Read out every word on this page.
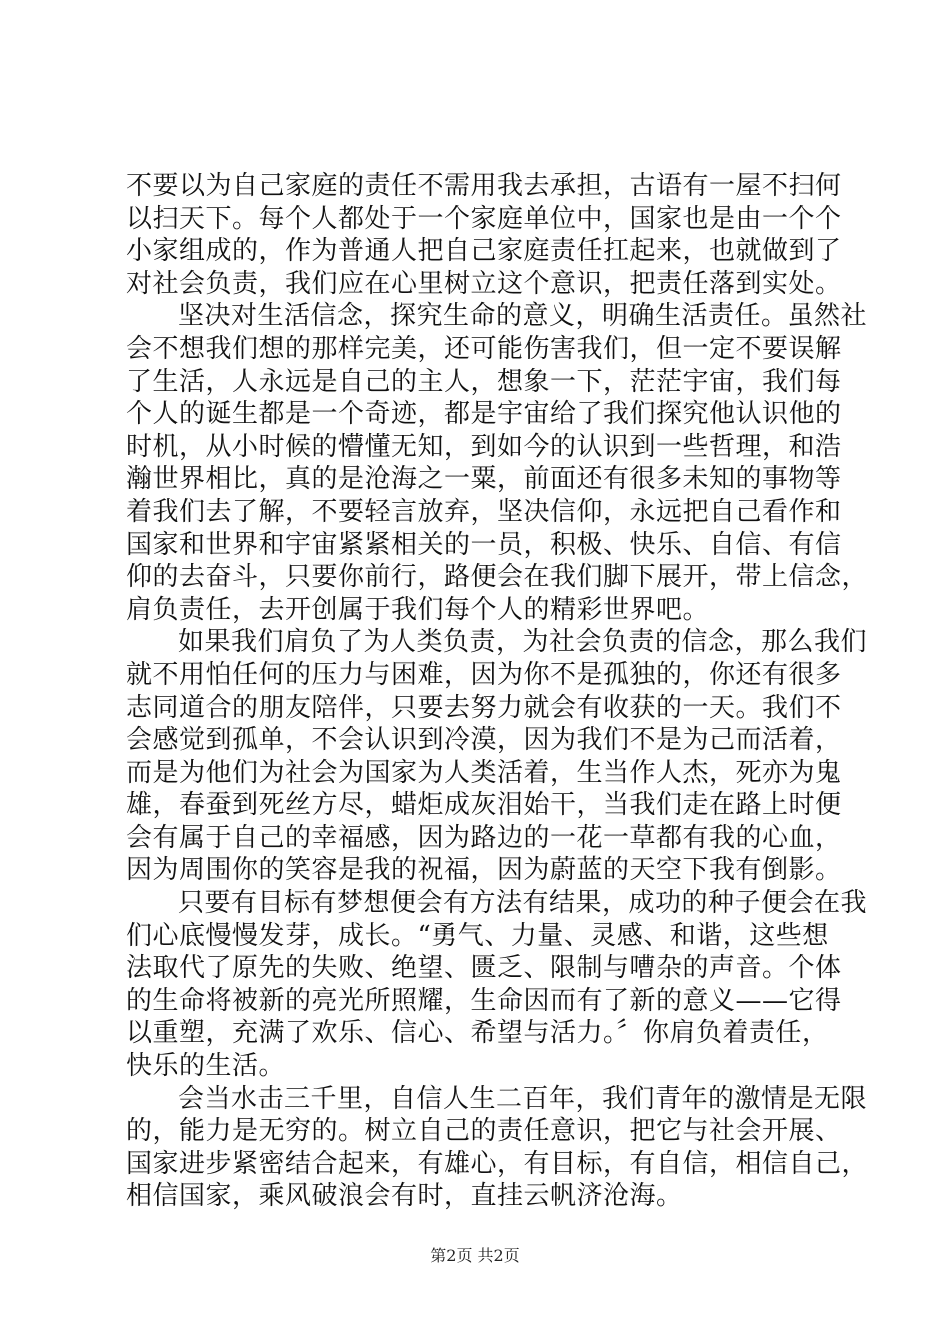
不要以为自己家庭的责任不需用我去承担，古语有一屋不扫何
以扫天下。每个人都处于一个家庭单位中，国家也是由一个个
小家组成的，作为普通人把自己家庭责任扛起来，也就做到了
对社会负责，我们应在心里树立这个意识，把责任落到实处。
坚决对生活信念，探究生命的意义，明确生活责任。虽然社
会不想我们想的那样完美，还可能伤害我们，但一定不要误解
了生活，人永远是自己的主人，想象一下，茫茫宇宙，我们每
个人的诞生都是一个奇迹，都是宇宙给了我们探究他认识他的
时机，从小时候的懵懂无知，到如今的认识到一些哲理，和浩
瀚世界相比，真的是沧海之一粟，前面还有很多未知的事物等
着我们去了解，不要轻言放弃，坚决信仰，永远把自己看作和
国家和世界和宇宙紧紧相关的一员，积极、快乐、自信、有信
仰的去奋斗，只要你前行，路便会在我们脚下展开，带上信念，
肩负责任，去开创属于我们每个人的精彩世界吧。
如果我们肩负了为人类负责，为社会负责的信念，那么我们
就不用怕任何的压力与困难，因为你不是孤独的，你还有很多
志同道合的朋友陪伴，只要去努力就会有收获的一天。我们不
会感觉到孤单，不会认识到冷漠，因为我们不是为己而活着，
而是为他们为社会为国家为人类活着，生当作人杰，死亦为鬼
雄，春蚕到死丝方尽，蜡炬成灰泪始干，当我们走在路上时便
会有属于自己的幸福感，因为路边的一花一草都有我的心血，
因为周围你的笑容是我的祝福，因为蔚蓝的天空下我有倒影。
只要有目标有梦想便会有方法有结果，成功的种子便会在我
们心底慢慢发芽，成长。“勇气、力量、灵感、和谐，这些想
法取代了原先的失败、绝望、匮乏、限制与嘈杂的声音。个体
的生命将被新的亮光所照耀，生命因而有了新的意义——它得
以重塑，充满了欢乐、信心、希望与活力。〞你肩负着责任，
快乐的生活。
会当水击三千里，自信人生二百年，我们青年的激情是无限
的，能力是无穷的。树立自己的责任意识，把它与社会开展、
国家进步紧密结合起来，有雄心，有目标，有自信，相信自己，
相信国家，乘风破浪会有时，直挂云帆济沧海。
第2页 共2页
